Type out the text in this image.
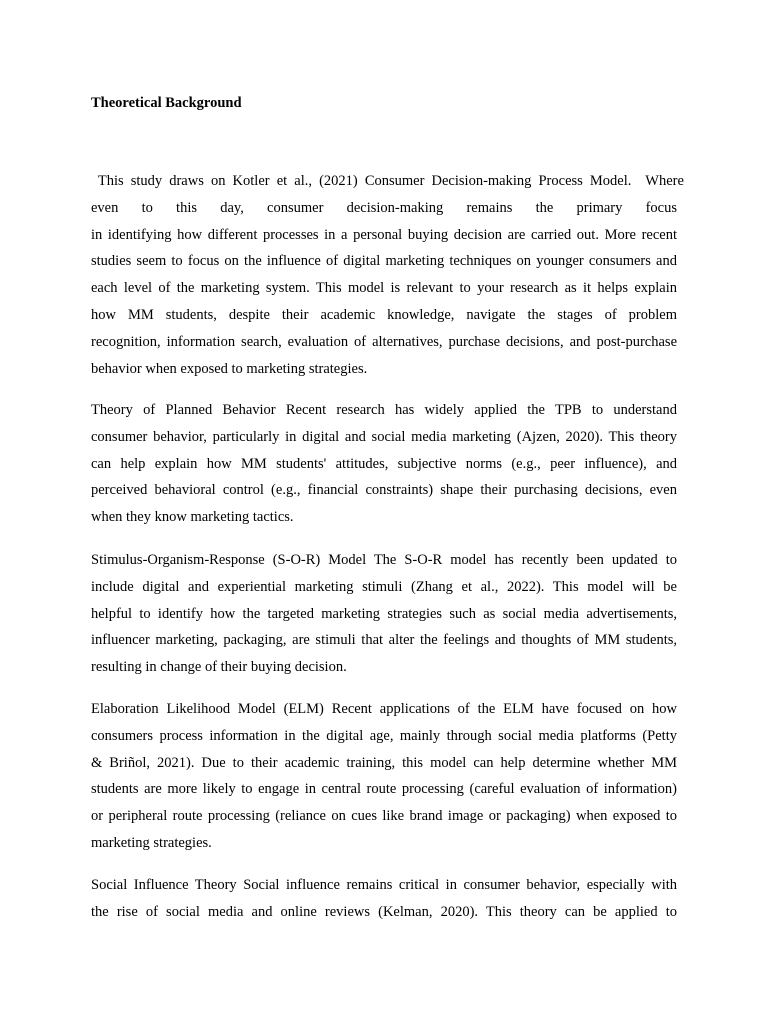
Theoretical Background
This study draws on Kotler et al., (2021) Consumer Decision-making Process Model.  Where
even to this day, consumer decision-making remains the primary focus
in identifying how different processes in a personal buying decision are carried out. More recent
studies seem to focus on the influence of digital marketing techniques on younger consumers and
each level of the marketing system. This model is relevant to your research as it helps explain
how MM students, despite their academic knowledge, navigate the stages of problem
recognition, information search, evaluation of alternatives, purchase decisions, and post-purchase
behavior when exposed to marketing strategies.
Theory of Planned Behavior Recent research has widely applied the TPB to understand
consumer behavior, particularly in digital and social media marketing (Ajzen, 2020). This theory
can help explain how MM students' attitudes, subjective norms (e.g., peer influence), and
perceived behavioral control (e.g., financial constraints) shape their purchasing decisions, even
when they know marketing tactics.
Stimulus-Organism-Response (S-O-R) Model The S-O-R model has recently been updated to
include digital and experiential marketing stimuli (Zhang et al., 2022). This model will be
helpful to identify how the targeted marketing strategies such as social media advertisements,
influencer marketing, packaging, are stimuli that alter the feelings and thoughts of MM students,
resulting in change of their buying decision.
Elaboration Likelihood Model (ELM) Recent applications of the ELM have focused on how
consumers process information in the digital age, mainly through social media platforms (Petty
& Briñol, 2021). Due to their academic training, this model can help determine whether MM
students are more likely to engage in central route processing (careful evaluation of information)
or peripheral route processing (reliance on cues like brand image or packaging) when exposed to
marketing strategies.
Social Influence Theory Social influence remains critical in consumer behavior, especially with
the rise of social media and online reviews (Kelman, 2020). This theory can be applied to
